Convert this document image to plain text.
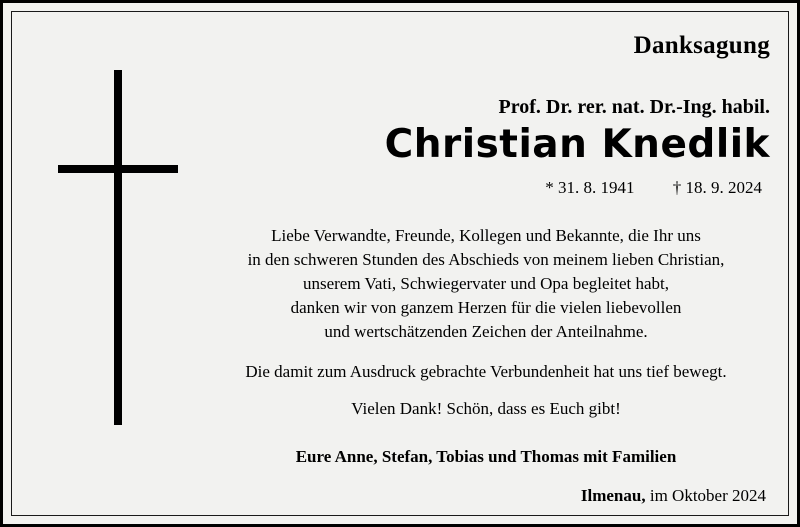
Danksagung
Prof. Dr. rer. nat. Dr.-Ing. habil.
Christian Knedlik
* 31. 8. 1941 † 18. 9. 2024
Liebe Verwandte, Freunde, Kollegen und Bekannte, die Ihr uns
in den schweren Stunden des Abschieds von meinem lieben Christian,
unserem Vati, Schwiegervater und Opa begleitet habt,
danken wir von ganzem Herzen für die vielen liebevollen
und wertschätzenden Zeichen der Anteilnahme.
Die damit zum Ausdruck gebrachte Verbundenheit hat uns tief bewegt.
Vielen Dank! Schön, dass es Euch gibt!
Eure Anne, Stefan, Tobias und Thomas mit Familien
Ilmenau, im Oktober 2024
